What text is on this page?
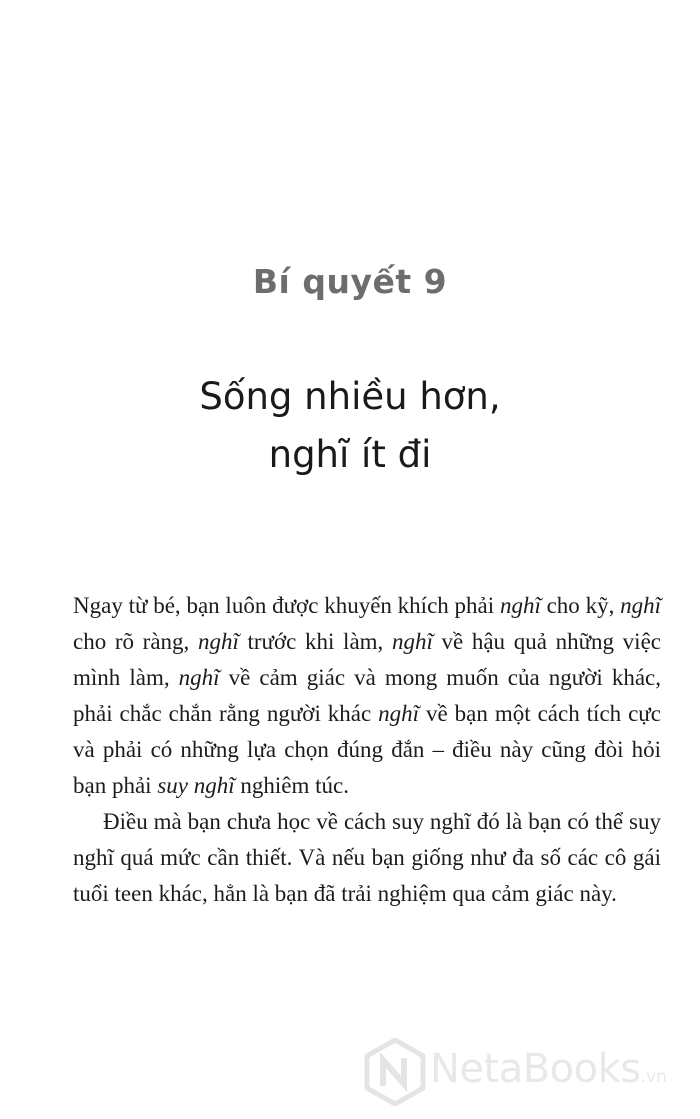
Bí quyết 9
Sống nhiều hơn,
nghĩ ít đi

Ngay từ bé, bạn luôn được khuyến khích phải nghĩ cho kỹ, nghĩ cho rõ ràng, nghĩ trước khi làm, nghĩ về hậu quả những việc mình làm, nghĩ về cảm giác và mong muốn của người khác, phải chắc chắn rằng người khác nghĩ về bạn một cách tích cực và phải có những lựa chọn đúng đắn – điều này cũng đòi hỏi bạn phải suy nghĩ nghiêm túc.

Điều mà bạn chưa học về cách suy nghĩ đó là bạn có thể suy nghĩ quá mức cần thiết. Và nếu bạn giống như đa số các cô gái tuổi teen khác, hẳn là bạn đã trải nghiệm qua cảm giác này.

NetaBooks.vn
